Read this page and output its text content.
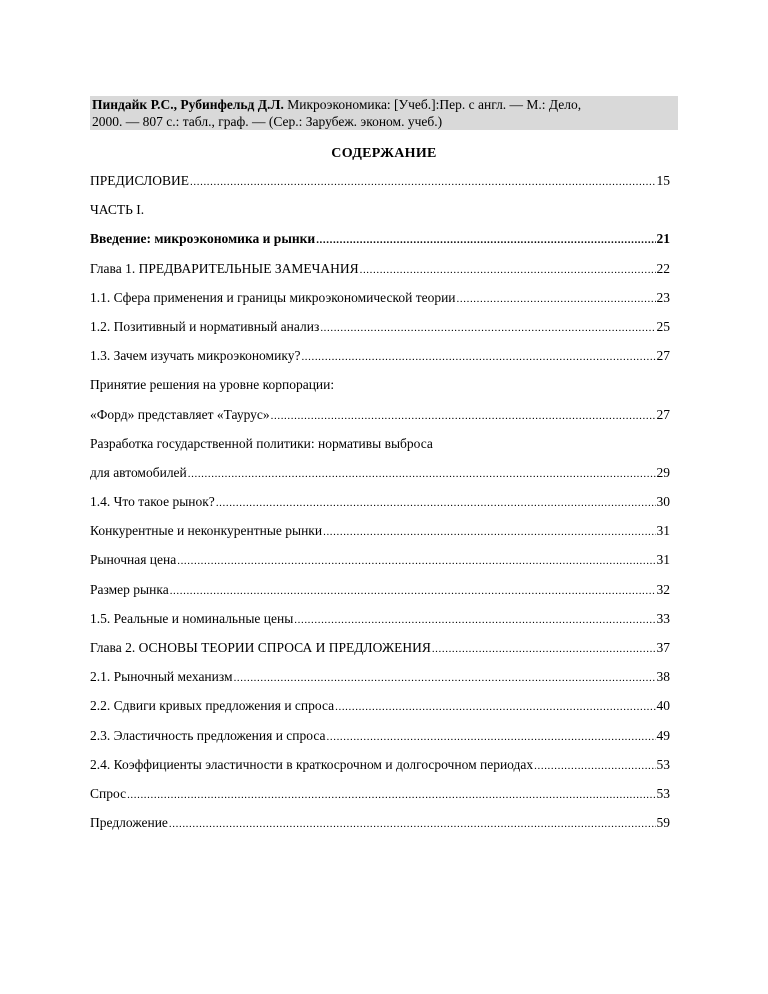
Пиндайк Р.С., Рубинфельд Д.Л. Микроэкономика: [Учеб.]:Пер. с англ. — М.: Дело,
2000. — 807 с.: табл., граф. — (Сер.: Зарубеж. эконом. учеб.)
СОДЕРЖАНИЕ
ПРЕДИСЛОВИЕ .....	15
ЧАСТЬ I.
Введение: микроэкономика и рынки .....	21
Глава 1. ПРЕДВАРИТЕЛЬНЫЕ ЗАМЕЧАНИЯ .....	22
1.1. Сфера применения и границы микроэкономической теории .....	23
1.2. Позитивный и нормативный анализ .....	25
1.3. Зачем изучать микроэкономику? .....	27
Принятие решения на уровне корпорации:
«Форд» представляет «Таурус» .....	27
Разработка государственной политики: нормативы выброса
для автомобилей .....	29
1.4. Что такое рынок? .....	30
Конкурентные и неконкурентные рынки .....	31
Рыночная цена .....	31
Размер рынка .....	32
1.5. Реальные и номинальные цены .....	33
Глава 2. ОСНОВЫ ТЕОРИИ СПРОСА И ПРЕДЛОЖЕНИЯ .....	37
2.1. Рыночный механизм .....	38
2.2. Сдвиги кривых предложения и спроса .....	40
2.3. Эластичность предложения и спроса .....	49
2.4. Коэффициенты эластичности в краткосрочном и долгосрочном периодах .....	53
Спрос .....	53
Предложение .....	59
